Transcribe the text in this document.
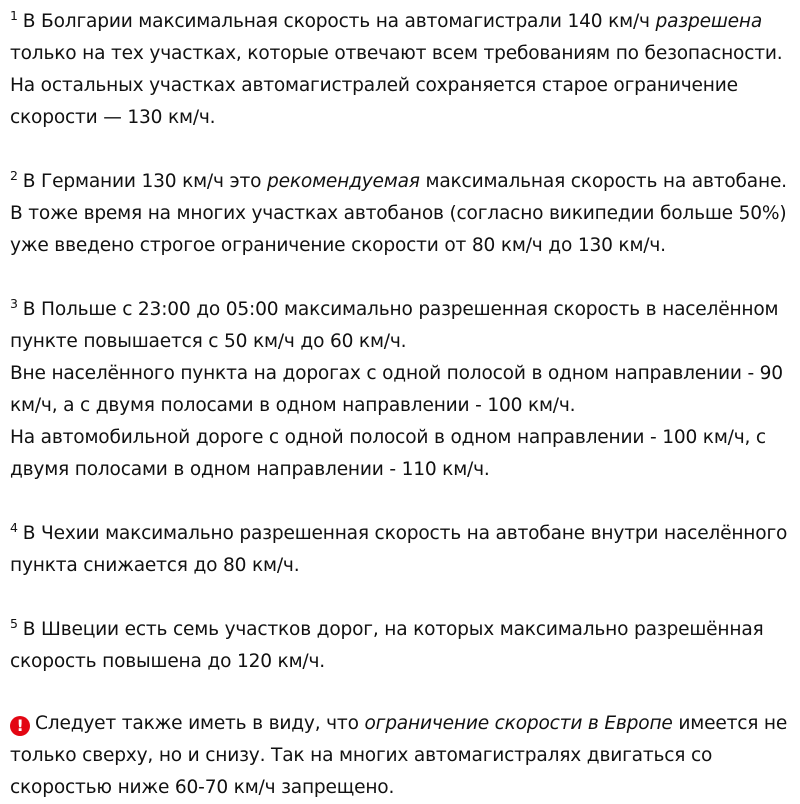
$^1$ В Болгарии максимальная скорость на автомагистрали 140 км/ч разрешена только на тех участках, которые отвечают всем требованиям по безопасности. На остальных участках автомагистралей сохраняется старое ограничение скорости — 130 км/ч.

$^2$ В Германии 130 км/ч это рекомендуемая максимальная скорость на автобане. В тоже время на многих участках автобанов (согласно википедии больше 50%) уже введено строгое ограничение скорости от 80 км/ч до 130 км/ч.

$^3$ В Польше с 23:00 до 05:00 максимально разрешенная скорость в населённом пункте повышается с 50 км/ч до 60 км/ч.
Вне населённого пункта на дорогах с одной полосой в одном направлении - 90 км/ч, а с двумя полосами в одном направлении - 100 км/ч.
На автомобильной дороге с одной полосой в одном направлении - 100 км/ч, с двумя полосами в одном направлении - 110 км/ч.

$^4$ В Чехии максимально разрешенная скорость на автобане внутри населённого пункта снижается до 80 км/ч.

$^5$ В Швеции есть семь участков дорог, на которых максимально разрешённая скорость повышена до 120 км/ч.

! Следует также иметь в виду, что ограничение скорости в Европе имеется не только сверху, но и снизу. Так на многих автомагистралях двигаться со скоростью ниже 60-70 км/ч запрещено.
